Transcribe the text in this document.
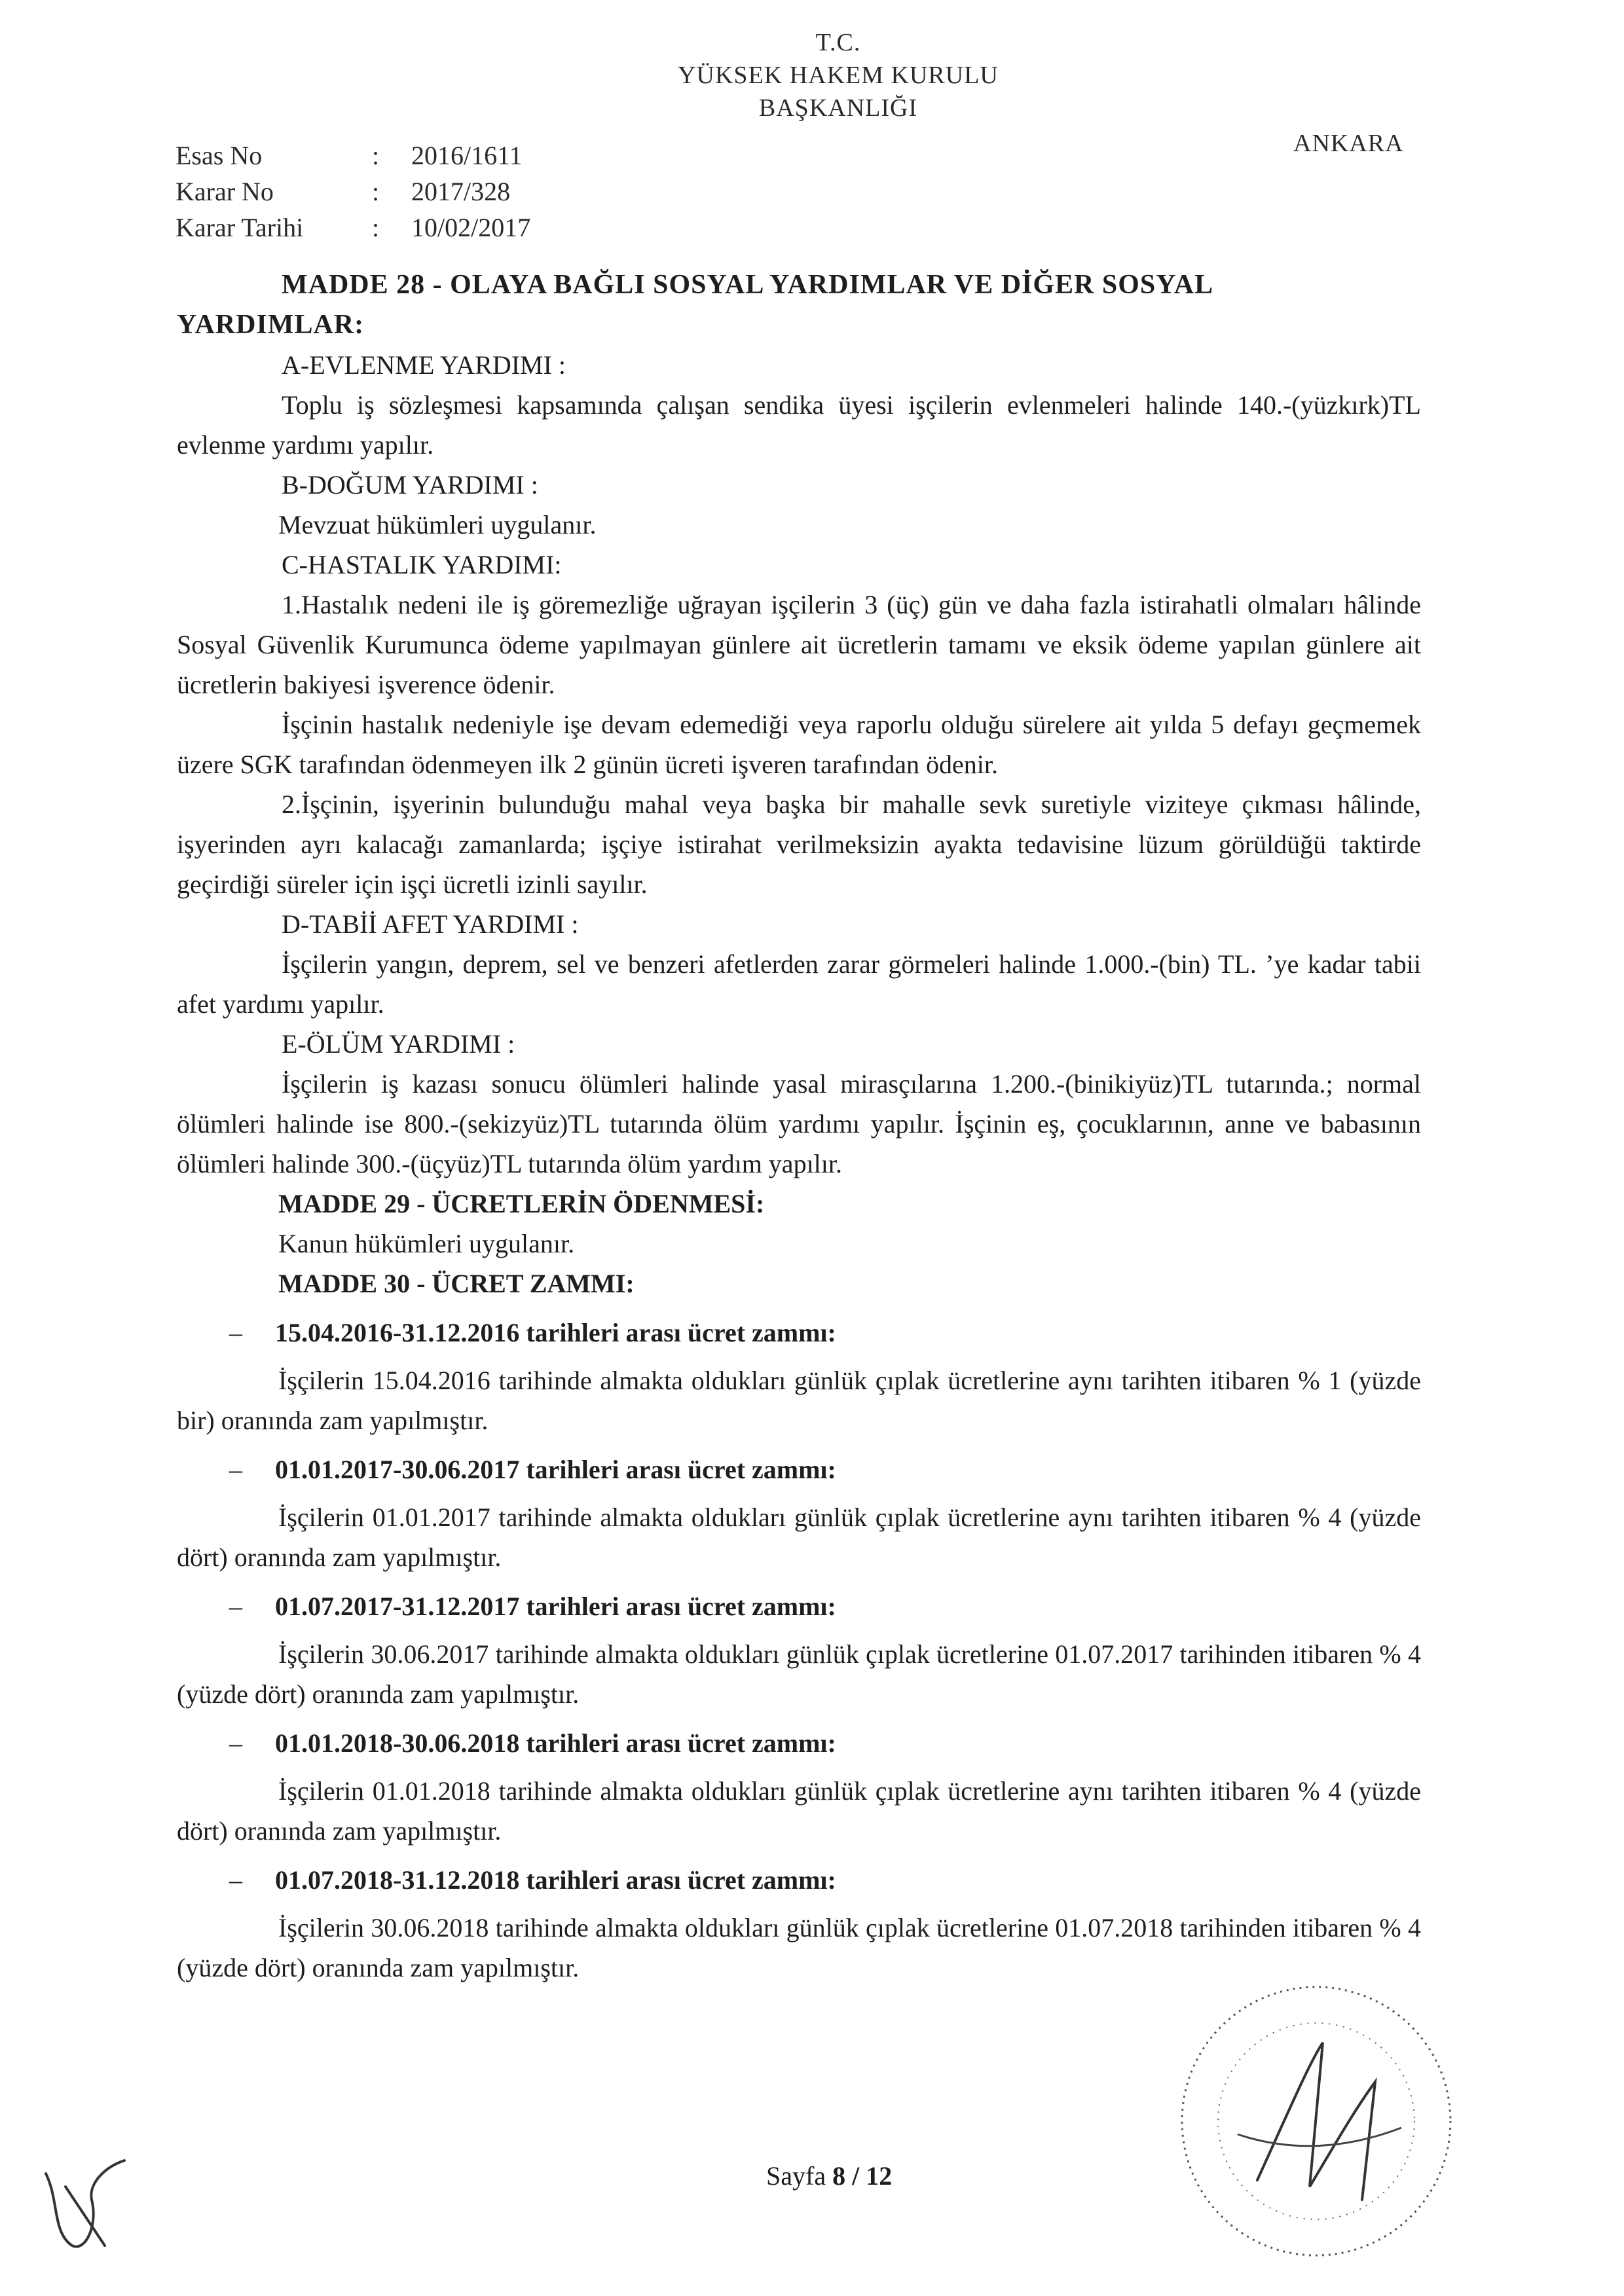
T.C.
YÜKSEK HAKEM KURULU
BAŞKANLIĞI
Esas No	:	2016/1611
Karar No	:	2017/328
Karar Tarihi	:	10/02/2017
ANKARA
MADDE 28 - OLAYA BAĞLI SOSYAL YARDIMLAR VE DİĞER SOSYAL
YARDIMLAR:
A-EVLENME YARDIMI :
Toplu iş sözleşmesi kapsamında çalışan sendika üyesi işçilerin evlenmeleri halinde 140.-(yüzkırk)TL evlenme yardımı yapılır.
B-DOĞUM YARDIMI :
Mevzuat hükümleri uygulanır.
C-HASTALIK YARDIMI:
1.Hastalık nedeni ile iş göremezliğe uğrayan işçilerin 3 (üç) gün ve daha fazla istirahatli olmaları hâlinde Sosyal Güvenlik Kurumunca ödeme yapılmayan günlere ait ücretlerin tamamı ve eksik ödeme yapılan günlere ait ücretlerin bakiyesi işverence ödenir.
İşçinin hastalık nedeniyle işe devam edemediği veya raporlu olduğu sürelere ait yılda 5 defayı geçmemek üzere SGK tarafından ödenmeyen ilk 2 günün ücreti işveren tarafından ödenir.
2.İşçinin, işyerinin bulunduğu mahal veya başka bir mahalle sevk suretiyle viziteye çıkması hâlinde, işyerinden ayrı kalacağı zamanlarda; işçiye istirahat verilmeksizin ayakta tedavisine lüzum görüldüğü taktirde geçirdiği süreler için işçi ücretli izinli sayılır.
D-TABİİ AFET YARDIMI :
İşçilerin yangın, deprem, sel ve benzeri afetlerden zarar görmeleri halinde 1.000.-(bin) TL. ’ye kadar tabii afet yardımı yapılır.
E-ÖLÜM YARDIMI :
İşçilerin iş kazası sonucu ölümleri halinde yasal mirasçılarına 1.200.-(binikiyüz)TL tutarında.; normal ölümleri halinde ise 800.-(sekizyüz)TL tutarında ölüm yardımı yapılır. İşçinin eş, çocuklarının, anne ve babasının ölümleri halinde 300.-(üçyüz)TL tutarında ölüm yardım yapılır.
MADDE 29 - ÜCRETLERİN ÖDENMESİ:
Kanun hükümleri uygulanır.
MADDE 30 - ÜCRET ZAMMI:
–	15.04.2016-31.12.2016 tarihleri arası ücret zammı:
İşçilerin 15.04.2016 tarihinde almakta oldukları günlük çıplak ücretlerine aynı tarihten itibaren % 1 (yüzde bir) oranında zam yapılmıştır.
–	01.01.2017-30.06.2017 tarihleri arası ücret zammı:
İşçilerin 01.01.2017 tarihinde almakta oldukları günlük çıplak ücretlerine aynı tarihten itibaren % 4 (yüzde dört) oranında zam yapılmıştır.
–	01.07.2017-31.12.2017 tarihleri arası ücret zammı:
İşçilerin 30.06.2017 tarihinde almakta oldukları günlük çıplak ücretlerine 01.07.2017 tarihinden itibaren % 4 (yüzde dört) oranında zam yapılmıştır.
–	01.01.2018-30.06.2018 tarihleri arası ücret zammı:
İşçilerin 01.01.2018 tarihinde almakta oldukları günlük çıplak ücretlerine aynı tarihten itibaren % 4 (yüzde dört) oranında zam yapılmıştır.
–	01.07.2018-31.12.2018 tarihleri arası ücret zammı:
İşçilerin 30.06.2018 tarihinde almakta oldukları günlük çıplak ücretlerine 01.07.2018 tarihinden itibaren % 4 (yüzde dört) oranında zam yapılmıştır.
Sayfa 8 / 12
